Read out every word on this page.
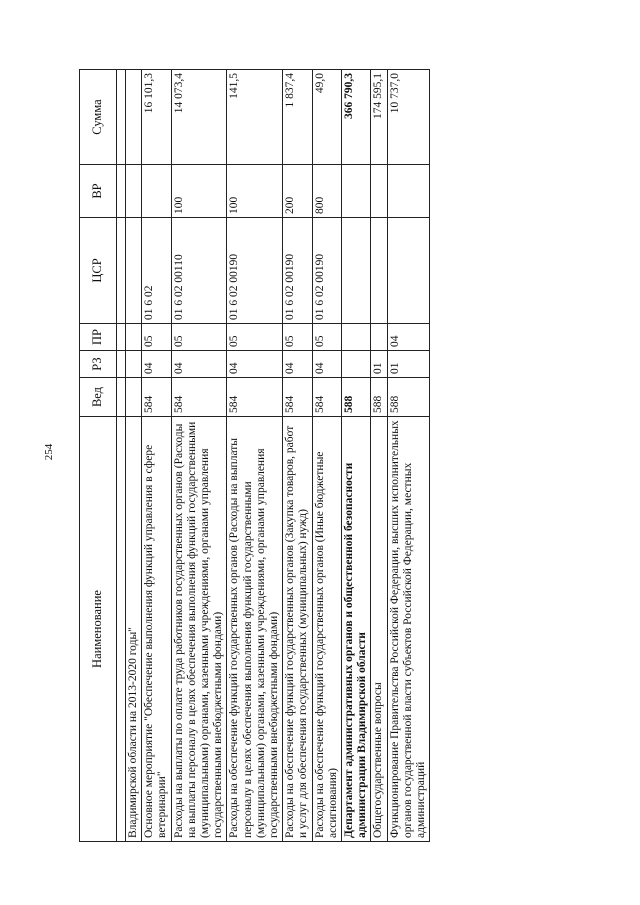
254
Наименование	Вед	РЗ	ПР	ЦСР	ВР	Сумма

Владимирской области на 2013-2020 годы"						
Основное мероприятие "Обеспечение выполнения функций управления в сфере ветеринарии"	584	04	05	01 6 02		16 101,3
Расходы на выплаты по оплате труда работников государственных органов (Расходы на выплаты персоналу в целях обеспечения выполнения функций государственными (муниципальными) органами, казенными учреждениями, органами управления государственными внебюджетными фондами)	584	04	05	01 6 02 00110	100	14 073,4
Расходы на обеспечение функций государственных органов (Расходы на выплаты персоналу в целях обеспечения выполнения функций государственными (муниципальными) органами, казенными учреждениями, органами управления государственными внебюджетными фондами)	584	04	05	01 6 02 00190	100	141,5
Расходы на обеспечение функций государственных органов (Закупка товаров, работ и услуг для обеспечения государственных (муниципальных) нужд)	584	04	05	01 6 02 00190	200	1 837,4
Расходы на обеспечение функций государственных органов (Иные бюджетные ассигнования)	584	04	05	01 6 02 00190	800	49,0
Департамент административных органов и общественной безопасности администрации Владимирской области	588					366 790,3
Общегосударственные вопросы	588	01				174 595,1
Функционирование Правительства Российской Федерации, высших исполнительных органов государственной власти субъектов Российской Федерации, местных администраций	588	01	04			10 737,0
